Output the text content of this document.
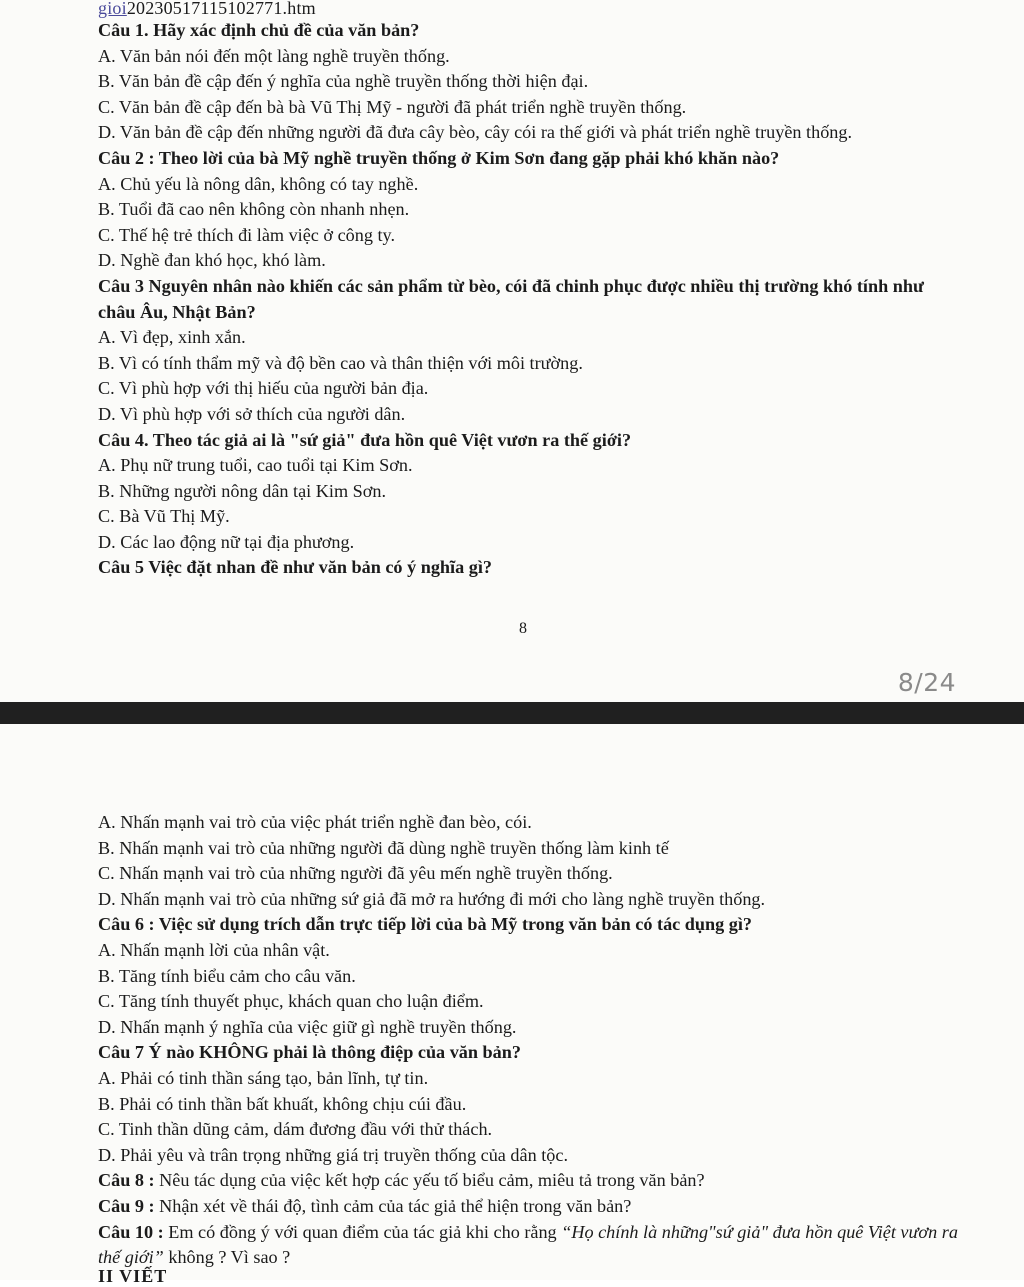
gioi20230517115102771.htm

Câu 1. Hãy xác định chủ đề của văn bản?

A. Văn bản nói đến một làng nghề truyền thống.

B. Văn bản đề cập đến ý nghĩa của nghề truyền thống thời hiện đại.

C. Văn bản đề cập đến bà bà Vũ Thị Mỹ - người đã phát triển nghề truyền thống.

D. Văn bản đề cập đến những người đã đưa cây bèo, cây cói ra thế giới và phát triển nghề truyền thống.

Câu 2 : Theo lời của bà Mỹ nghề truyền thống ở Kim Sơn đang gặp phải khó khăn nào?

A. Chủ yếu là nông dân, không có tay nghề.

B. Tuổi đã cao nên không còn nhanh nhẹn.

C. Thế hệ trẻ thích đi làm việc ở công ty.

D. Nghề đan khó học, khó làm.

Câu 3 Nguyên nhân nào khiến các sản phẩm từ bèo, cói đã chinh phục được nhiều thị trường khó tính như châu Âu, Nhật Bản?

A. Vì đẹp, xinh xắn.

B. Vì có tính thẩm mỹ và độ bền cao và thân thiện với môi trường.

C. Vì phù hợp với thị hiếu của người bản địa.

D. Vì phù hợp với sở thích của người dân.

Câu 4. Theo tác giả ai là "sứ giả" đưa hồn quê Việt vươn ra thế giới?

A. Phụ nữ trung tuổi, cao tuổi tại Kim Sơn.

B. Những người nông dân tại Kim Sơn.

C. Bà Vũ Thị Mỹ.

D. Các lao động nữ tại địa phương.

Câu 5 Việc đặt nhan đề như văn bản có ý nghĩa gì?

8
8/24

A. Nhấn mạnh vai trò của việc phát triển nghề đan bèo, cói.

B. Nhấn mạnh vai trò của những người đã dùng nghề truyền thống làm kinh tế

C. Nhấn mạnh vai trò của những người đã yêu mến nghề truyền thống.

D. Nhấn mạnh vai trò của những sứ giả đã mở ra hướng đi mới cho làng nghề truyền thống.

Câu 6 : Việc sử dụng trích dẫn trực tiếp lời của bà Mỹ trong văn bản có tác dụng gì?

A. Nhấn mạnh lời của nhân vật.

B. Tăng tính biểu cảm cho câu văn.

C. Tăng tính thuyết phục, khách quan cho luận điểm.

D. Nhấn mạnh ý nghĩa của việc giữ gì nghề truyền thống.

Câu 7 Ý nào KHÔNG phải là thông điệp của văn bản?

A. Phải có tinh thần sáng tạo, bản lĩnh, tự tin.

B. Phải có tinh thần bất khuất, không chịu cúi đầu.

C. Tinh thần dũng cảm, dám đương đầu với thử thách.

D. Phải yêu và trân trọng những giá trị truyền thống của dân tộc.

Câu 8 : Nêu tác dụng của việc kết hợp các yếu tố biểu cảm, miêu tả trong văn bản?

Câu 9 : Nhận xét về thái độ, tình cảm của tác giả thể hiện trong văn bản?

Câu 10 : Em có đồng ý với quan điểm của tác giả khi cho rằng “Họ chính là những"sứ giả" đưa hồn quê Việt vươn ra thế giới” không ? Vì sao ?

II VIẾT
